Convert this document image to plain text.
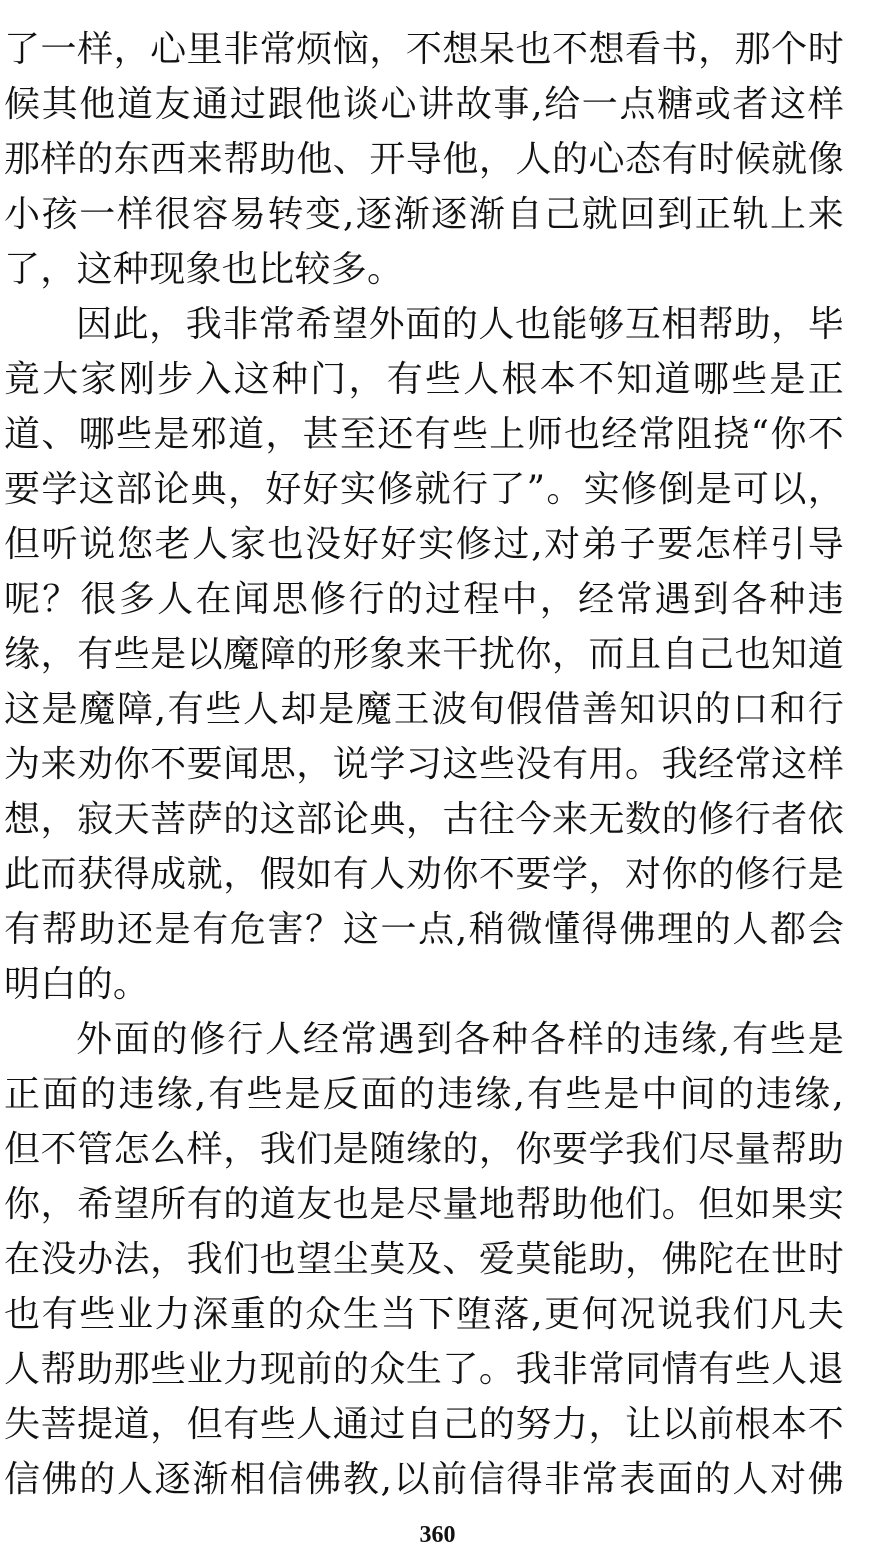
了一样，心里非常烦恼，不想呆也不想看书，那个时
候其他道友通过跟他谈心讲故事,给一点糖或者这样
那样的东西来帮助他、开导他，人的心态有时候就像
小孩一样很容易转变,逐渐逐渐自己就回到正轨上来
了，这种现象也比较多。
因此，我非常希望外面的人也能够互相帮助，毕
竟大家刚步入这种门，有些人根本不知道哪些是正
道、哪些是邪道，甚至还有些上师也经常阻挠“你不
要学这部论典，好好实修就行了”。实修倒是可以，
但听说您老人家也没好好实修过,对弟子要怎样引导
呢？很多人在闻思修行的过程中，经常遇到各种违
缘，有些是以魔障的形象来干扰你，而且自己也知道
这是魔障,有些人却是魔王波旬假借善知识的口和行
为来劝你不要闻思，说学习这些没有用。我经常这样
想，寂天菩萨的这部论典，古往今来无数的修行者依
此而获得成就，假如有人劝你不要学，对你的修行是
有帮助还是有危害？这一点,稍微懂得佛理的人都会
明白的。
外面的修行人经常遇到各种各样的违缘,有些是
正面的违缘,有些是反面的违缘,有些是中间的违缘,
但不管怎么样，我们是随缘的，你要学我们尽量帮助
你，希望所有的道友也是尽量地帮助他们。但如果实
在没办法，我们也望尘莫及、爱莫能助，佛陀在世时
也有些业力深重的众生当下堕落,更何况说我们凡夫
人帮助那些业力现前的众生了。我非常同情有些人退
失菩提道，但有些人通过自己的努力，让以前根本不
信佛的人逐渐相信佛教,以前信得非常表面的人对佛
360
